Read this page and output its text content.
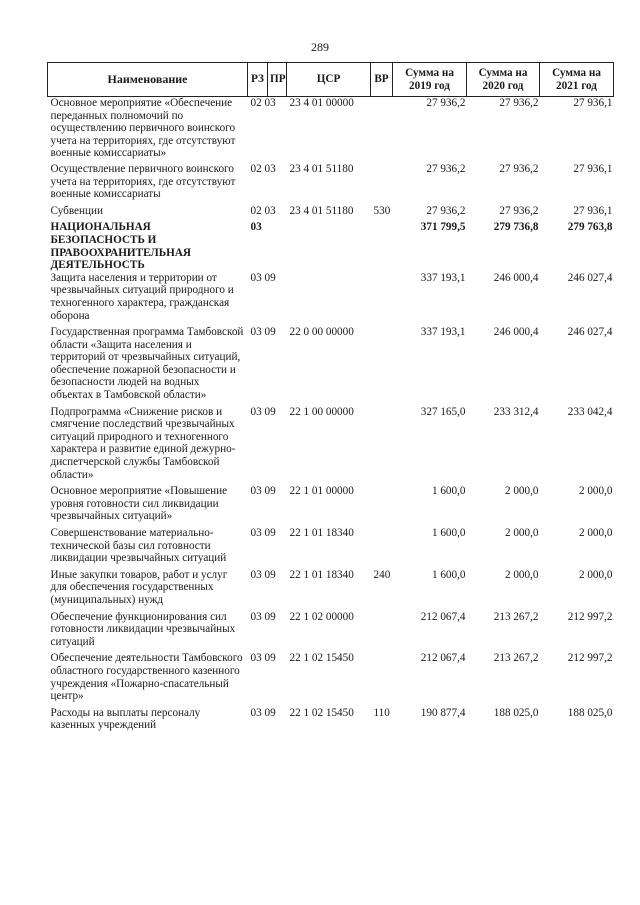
289
Наименование	РЗ	ПР	ЦСР	ВР	Сумма на 2019 год	Сумма на 2020 год	Сумма на 2021 год
Основное мероприятие «Обеспечение переданных полномочий по осуществлению первичного воинского учета на территориях, где отсутствуют военные комиссариаты»	02 03		23 4 01 00000		27 936,2	27 936,2	27 936,1

Осуществление первичного воинского учета на территориях, где отсутствуют военные комиссариаты	02 03		23 4 01 51180		27 936,2	27 936,2	27 936,1

Субвенции	02 03		23 4 01 51180	530	27 936,2	27 936,2	27 936,1

НАЦИОНАЛЬНАЯ БЕЗОПАСНОСТЬ И ПРАВООХРАНИТЕЛЬНАЯ ДЕЯТЕЛЬНОСТЬ	03				371 799,5	279 736,8	279 763,8
Защита населения и территории от чрезвычайных ситуаций природного и техногенного характера, гражданская оборона	03 09				337 193,1	246 000,4	246 027,4

Государственная программа Тамбовской области «Защита населения и территорий от чрезвычайных ситуаций, обеспечение пожарной безопасности и безопасности людей на водных объектах в Тамбовской области»	03 09		22 0 00 00000		337 193,1	246 000,4	246 027,4

Подпрограмма «Снижение рисков и смягчение последствий чрезвычайных ситуаций природного и техногенного характера и развитие единой дежурно-диспетчерской службы Тамбовской области»	03 09		22 1 00 00000		327 165,0	233 312,4	233 042,4

Основное мероприятие «Повышение уровня готовности сил ликвидации чрезвычайных ситуаций»	03 09		22 1 01 00000		1 600,0	2 000,0	2 000,0

Совершенствование материально-технической базы сил готовности ликвидации чрезвычайных ситуаций	03 09		22 1 01 18340		1 600,0	2 000,0	2 000,0

Иные закупки товаров, работ и услуг для обеспечения государственных (муниципальных) нужд	03 09		22 1 01 18340	240	1 600,0	2 000,0	2 000,0

Обеспечение функционирования сил готовности ликвидации чрезвычайных ситуаций	03 09		22 1 02 00000		212 067,4	213 267,2	212 997,2

Обеспечение деятельности Тамбовского областного государственного казенного учреждения «Пожарно-спасательный центр»	03 09		22 1 02 15450		212 067,4	213 267,2	212 997,2

Расходы на выплаты персоналу казенных учреждений	03 09		22 1 02 15450	110	190 877,4	188 025,0	188 025,0
